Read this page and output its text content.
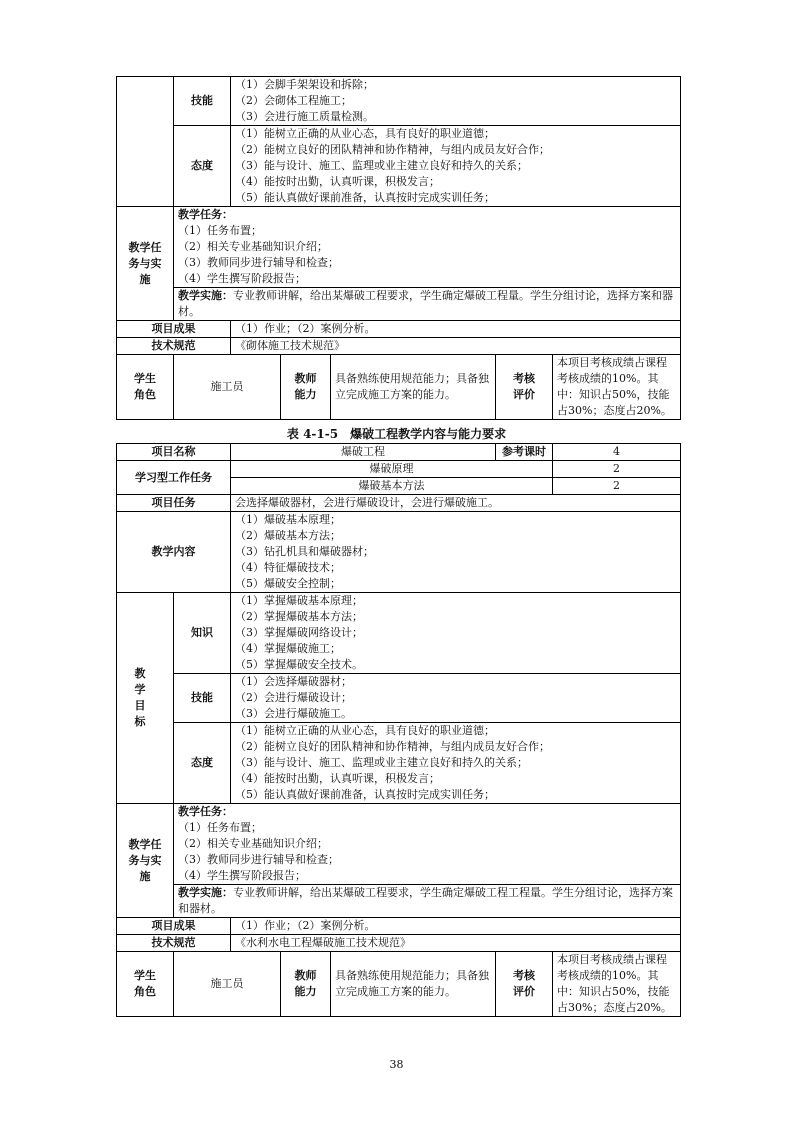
	技能	（1）会脚手架架设和拆除；
（2）会砌体工程施工；
（3）会进行施工质量检测。				

	态度	（1）能树立正确的从业心态，具有良好的职业道德；
（2）能树立良好的团队精神和协作精神，与组内成员友好合作；
（3）能与设计、施工、监理或业主建立良好和持久的关系；
（4）能按时出勤，认真听课，积极发言；
（5）能认真做好课前准备，认真按时完成实训任务；				

教学任务与实施	教学任务：
（1）任务布置；
（2）相关专业基础知识介绍；
（3）教师同步进行辅导和检查；
（4）学生撰写阶段报告；					

	教学实施：专业教师讲解，给出某爆破工程要求，学生确定爆破工程量。学生分组讨论，选择方案和器材。					
项目成果		（1）作业；（2）案例分析。				
技术规范		《砌体施工技术规范》				
学生角色	施工员		教师能力	具备熟练使用规范能力；具备独立完成施工方案的能力。	考核评价	本项目考核成绩占课程考核成绩的10%。其中：知识占50%，技能占30%；态度占20%。
表 4-1-5　爆破工程教学内容与能力要求
项目名称		爆破工程			参考课时	4
学习型工作任务		爆破原理				2
		爆破基本方法				2
项目任务		会选择爆破器材，会进行爆破设计，会进行爆破施工。				
教学内容		（1）爆破基本原理；
（2）爆破基本方法；
（3）钻孔机具和爆破器材；
（4）特征爆破技术；
（5）爆破安全控制；				

教学目标	知识	（1）掌握爆破基本原理；
（2）掌握爆破基本方法；
（3）掌握爆破网络设计；
（4）掌握爆破施工；
（5）掌握爆破安全技术。				

	技能	（1）会选择爆破器材；
（2）会进行爆破设计；
（3）会进行爆破施工。				

	态度	（1）能树立正确的从业心态，具有良好的职业道德；
（2）能树立良好的团队精神和协作精神，与组内成员友好合作；
（3）能与设计、施工、监理或业主建立良好和持久的关系；
（4）能按时出勤，认真听课，积极发言；
（5）能认真做好课前准备，认真按时完成实训任务；				

教学任务与实施	教学任务：
（1）任务布置；
（2）相关专业基础知识介绍；
（3）教师同步进行辅导和检查；
（4）学生撰写阶段报告；					

	教学实施：专业教师讲解，给出某爆破工程要求，学生确定爆破工程工程量。学生分组讨论，选择方案和器材。					
项目成果		（1）作业；（2）案例分析。				
技术规范		《水利水电工程爆破施工技术规范》				
学生角色	施工员		教师能力	具备熟练使用规范能力；具备独立完成施工方案的能力。	考核评价	本项目考核成绩占课程考核成绩的10%。其中：知识占50%，技能占30%；态度占20%。
38
